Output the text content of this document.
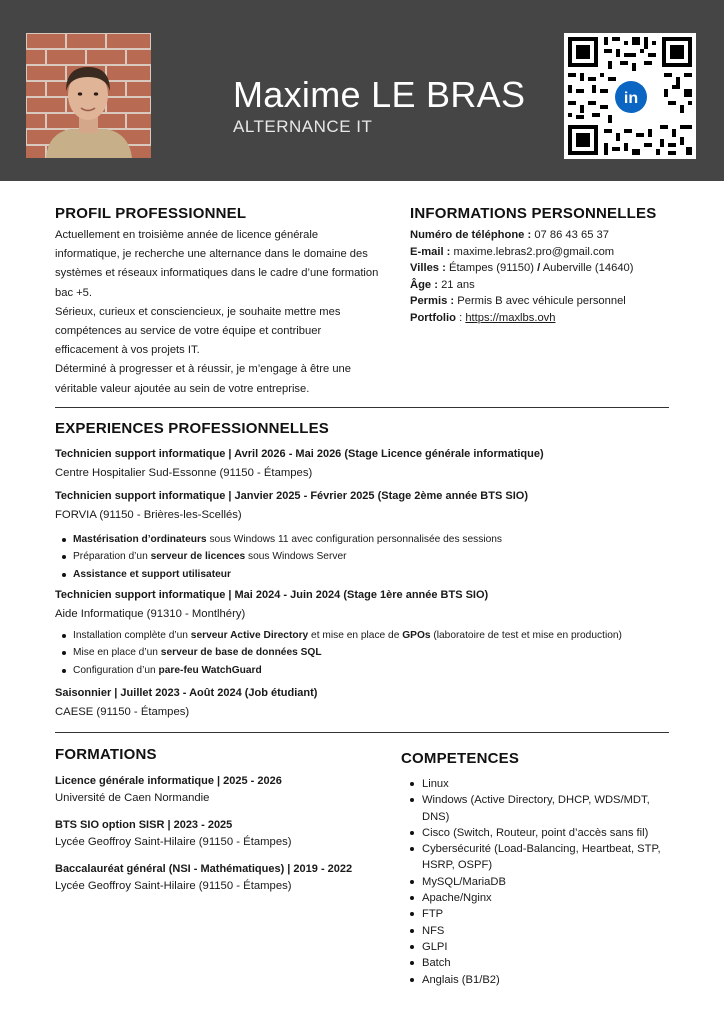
Maxime LE BRAS
ALTERNANCE IT
in
PROFIL PROFESSIONNEL
Actuellement en troisième année de licence générale
informatique, je recherche une alternance dans le domaine des
systèmes et réseaux informatiques dans le cadre d’une formation
bac +5.
Sérieux, curieux et consciencieux, je souhaite mettre mes
compétences au service de votre équipe et contribuer
efficacement à vos projets IT.
Déterminé à progresser et à réussir, je m’engage à être une
véritable valeur ajoutée au sein de votre entreprise.
INFORMATIONS PERSONNELLES
Numéro de téléphone : 07 86 43 65 37
E-mail : maxime.lebras2.pro@gmail.com
Villes : Étampes (91150) / Auberville (14640)
Âge : 21 ans
Permis : Permis B avec véhicule personnel
Portfolio : https://maxlbs.ovh
EXPERIENCES PROFESSIONNELLES
Technicien support informatique | Avril 2026 - Mai 2026 (Stage Licence générale informatique)
Centre Hospitalier Sud-Essonne (91150 - Étampes)
Technicien support informatique | Janvier 2025 - Février 2025 (Stage 2ème année BTS SIO)
FORVIA (91150 - Brières-les-Scellés)
Mastérisation d’ordinateurs sous Windows 11 avec configuration personnalisée des sessions
Préparation d’un serveur de licences sous Windows Server
Assistance et support utilisateur
Technicien support informatique | Mai 2024 - Juin 2024 (Stage 1ère année BTS SIO)
Aide Informatique (91310 - Montlhéry)
Installation complète d’un serveur Active Directory et mise en place de GPOs (laboratoire de test et mise en production)
Mise en place d’un serveur de base de données SQL
Configuration d’un pare-feu WatchGuard
Saisonnier | Juillet 2023 - Août 2024 (Job étudiant)
CAESE (91150 - Étampes)
FORMATIONS
Licence générale informatique | 2025 - 2026
Université de Caen Normandie
BTS SIO option SISR | 2023 - 2025
Lycée Geoffroy Saint-Hilaire (91150 - Étampes)
Baccalauréat général (NSI - Mathématiques) | 2019 - 2022
Lycée Geoffroy Saint-Hilaire (91150 - Étampes)
COMPETENCES
Linux
Windows (Active Directory, DHCP, WDS/MDT, DNS)
Cisco (Switch, Routeur, point d’accès sans fil)
Cybersécurité (Load-Balancing, Heartbeat, STP, HSRP, OSPF)
MySQL/MariaDB
Apache/Nginx
FTP
NFS
GLPI
Batch
Anglais (B1/B2)
